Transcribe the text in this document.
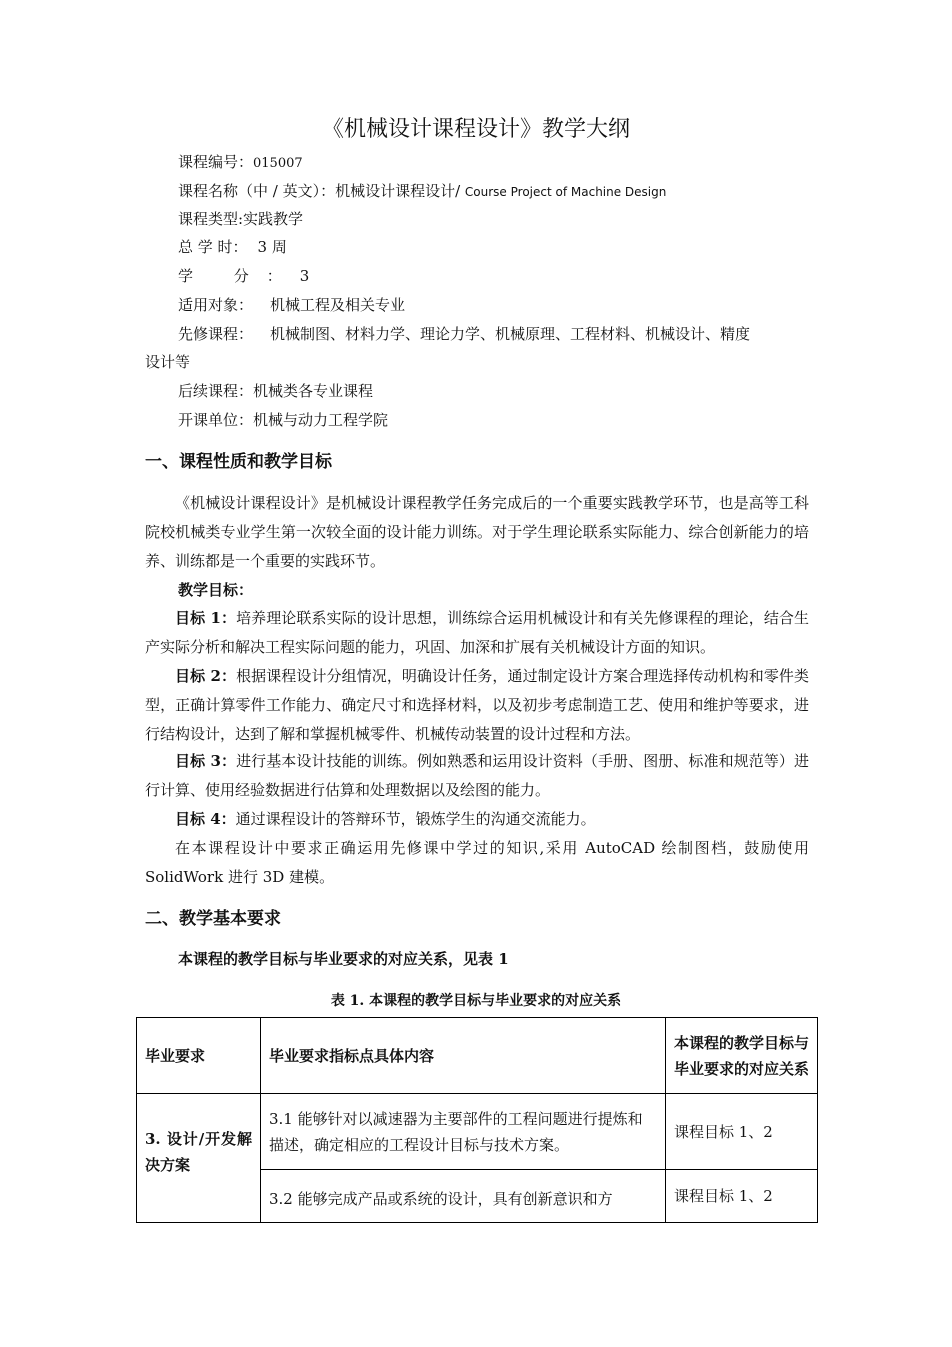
《机械设计课程设计》教学大纲
课程编号：015007
课程名称（中 / 英文）：机械设计课程设计/ Course Project of Machine Design
课程类型:实践教学
总 学 时： 3 周
学 分：3
适用对象： 机械工程及相关专业
先修课程： 机械制图、材料力学、理论力学、机械原理、工程材料、机械设计、精度
设计等
后续课程：机械类各专业课程
开课单位：机械与动力工程学院
一、课程性质和教学目标
《机械设计课程设计》是机械设计课程教学任务完成后的一个重要实践教学环节，也是高等工科院校机械类专业学生第一次较全面的设计能力训练。对于学生理论联系实际能力、综合创新能力的培养、训练都是一个重要的实践环节。
教学目标：
目标 1：培养理论联系实际的设计思想，训练综合运用机械设计和有关先修课程的理论，结合生产实际分析和解决工程实际问题的能力，巩固、加深和扩展有关机械设计方面的知识。
目标 2：根据课程设计分组情况，明确设计任务，通过制定设计方案合理选择传动机构和零件类型，正确计算零件工作能力、确定尺寸和选择材料，以及初步考虑制造工艺、使用和维护等要求，进行结构设计，达到了解和掌握机械零件、机械传动装置的设计过程和方法。
目标 3：进行基本设计技能的训练。例如熟悉和运用设计资料（手册、图册、标准和规范等）进行计算、使用经验数据进行估算和处理数据以及绘图的能力。
目标 4：通过课程设计的答辩环节，锻炼学生的沟通交流能力。
在本课程设计中要求正确运用先修课中学过的知识,采用 AutoCAD 绘制图档，鼓励使用 SolidWork 进行 3D 建模。
二、教学基本要求
本课程的教学目标与毕业要求的对应关系，见表 1
表 1. 本课程的教学目标与毕业要求的对应关系
毕业要求	毕业要求指标点具体内容	本课程的教学目标与毕业要求的对应关系
3. 设计/开发解决方案	3.1 能够针对以减速器为主要部件的工程问题进行提炼和描述，确定相应的工程设计目标与技术方案。	课程目标 1、2
	3.2 能够完成产品或系统的设计，具有创新意识和方	课程目标 1、2
